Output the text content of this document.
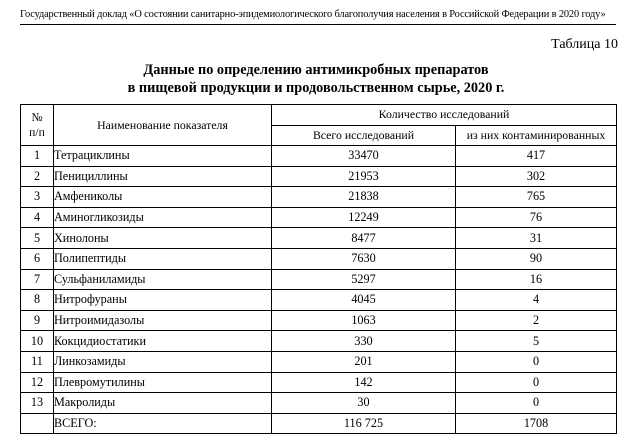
Государственный доклад «О состоянии санитарно-эпидемиологического благополучия населения в Российской Федерации в 2020 году»
Таблица 10
Данные по определению антимикробных препаратов
в пищевой продукции и продовольственном сырье, 2020 г.
№
п/п	Наименование показателя	Количество исследований	
		Всего исследований	из них контаминированных
1	Тетрациклины	33470	417
2	Пенициллины	21953	302
3	Амфениколы	21838	765
4	Аминогликозиды	12249	76
5	Хинолоны	8477	31
6	Полипептиды	7630	90
7	Сульфаниламиды	5297	16
8	Нитрофураны	4045	4
9	Нитроимидазолы	1063	2
10	Кокцидиостатики	330	5
11	Линкозамиды	201	0
12	Плевромутилины	142	0
13	Макролиды	30	0
	ВСЕГО:	116 725	1708
